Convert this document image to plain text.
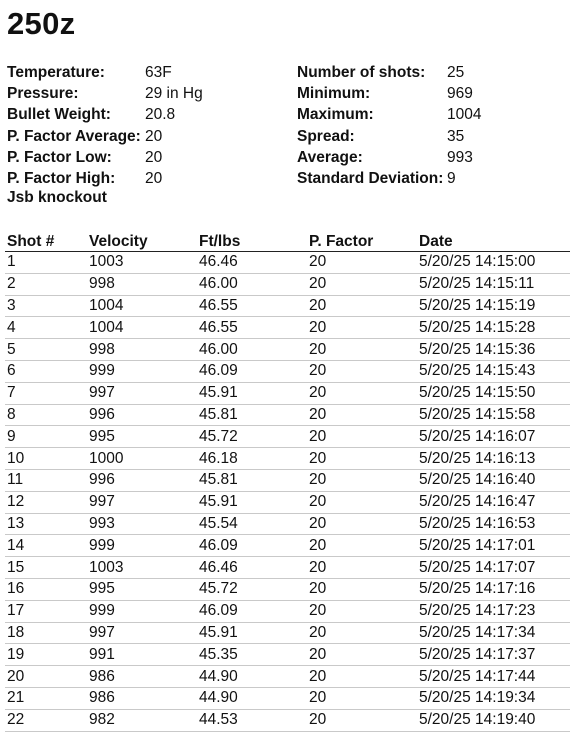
250z
Temperature:	63F
Pressure:	29 in Hg
Bullet Weight: 20.8
P. Factor Average: 20
P. Factor Low: 20
P. Factor High: 20
Number of shots: 25
Minimum:	969
Maximum:	1004
Spread:	35
Average:	993
Standard Deviation: 9
Jsb knockout
Shot #	Velocity	Ft/lbs	P. Factor	Date
1	1003	46.46	20	5/20/25 14:15:00
2	998	46.00	20	5/20/25 14:15:11
3	1004	46.55	20	5/20/25 14:15:19
4	1004	46.55	20	5/20/25 14:15:28
5	998	46.00	20	5/20/25 14:15:36
6	999	46.09	20	5/20/25 14:15:43
7	997	45.91	20	5/20/25 14:15:50
8	996	45.81	20	5/20/25 14:15:58
9	995	45.72	20	5/20/25 14:16:07
10	1000	46.18	20	5/20/25 14:16:13
11	996	45.81	20	5/20/25 14:16:40
12	997	45.91	20	5/20/25 14:16:47
13	993	45.54	20	5/20/25 14:16:53
14	999	46.09	20	5/20/25 14:17:01
15	1003	46.46	20	5/20/25 14:17:07
16	995	45.72	20	5/20/25 14:17:16
17	999	46.09	20	5/20/25 14:17:23
18	997	45.91	20	5/20/25 14:17:34
19	991	45.35	20	5/20/25 14:17:37
20	986	44.90	20	5/20/25 14:17:44
21	986	44.90	20	5/20/25 14:19:34
22	982	44.53	20	5/20/25 14:19:40
